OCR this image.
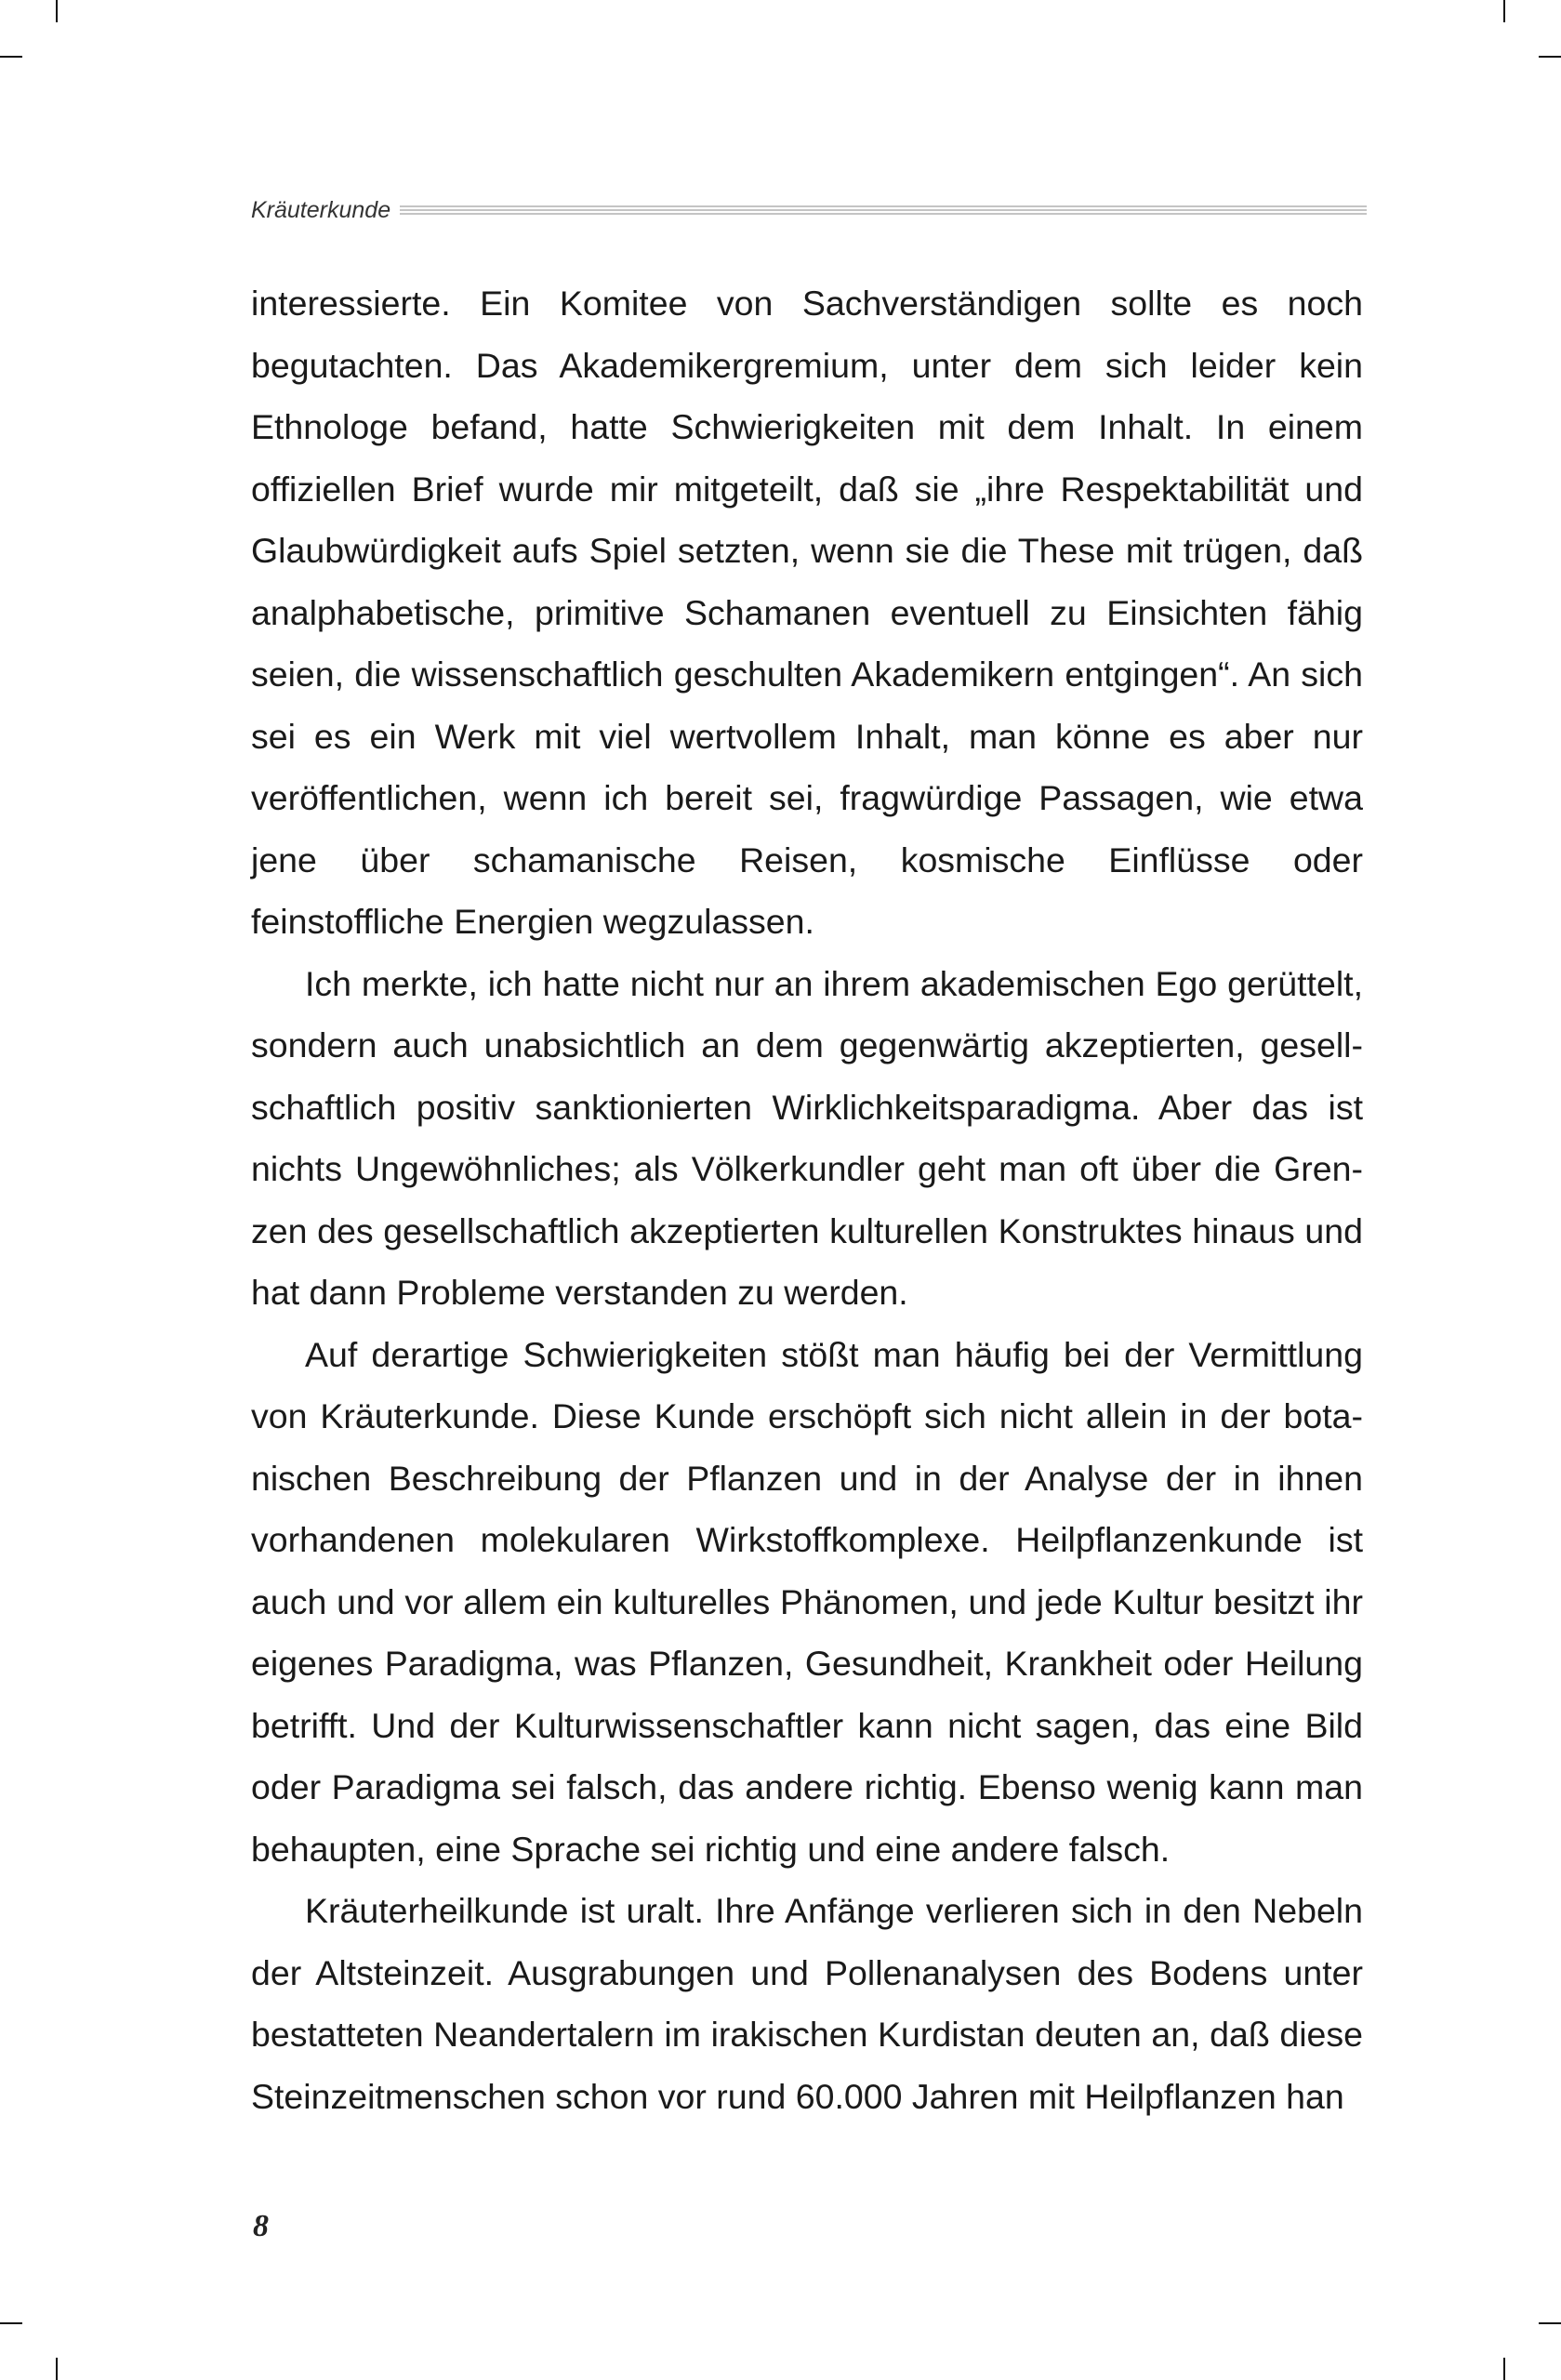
Kräuterkunde

interessierte. Ein Komitee von Sachverständigen sollte es noch begutachten. Das Akademikergremium, unter dem sich leider kein Ethnologe befand, hatte Schwierigkeiten mit dem Inhalt. In einem offiziellen Brief wurde mir mitgeteilt, daß sie „ihre Respektabilität und Glaubwürdigkeit aufs Spiel setzten, wenn sie die These mit trügen, daß analphabetische, primitive Schamanen eventuell zu Einsichten fähig seien, die wissenschaftlich geschulten Akademikern entgingen“. An sich sei es ein Werk mit viel wertvollem Inhalt, man könne es aber nur veröffentlichen, wenn ich bereit sei, fragwürdige Passagen, wie etwa jene über schamanische Reisen, kosmische Einflüsse oder feinstoffliche Energien wegzulassen.

Ich merkte, ich hatte nicht nur an ihrem akademischen Ego gerüttelt, sondern auch unabsichtlich an dem gegenwärtig akzeptierten, gesellschaftlich positiv sanktionierten Wirklichkeitsparadigma. Aber das ist nichts Ungewöhnliches; als Völkerkundler geht man oft über die Grenzen des gesellschaftlich akzeptierten kulturellen Konstruktes hinaus und hat dann Probleme verstanden zu werden.

Auf derartige Schwierigkeiten stößt man häufig bei der Vermittlung von Kräuterkunde. Diese Kunde erschöpft sich nicht allein in der botanischen Beschreibung der Pflanzen und in der Analyse der in ihnen vorhandenen molekularen Wirkstoffkomplexe. Heilpflanzenkunde ist auch und vor allem ein kulturelles Phänomen, und jede Kultur besitzt ihr eigenes Paradigma, was Pflanzen, Gesundheit, Krankheit oder Heilung betrifft. Und der Kulturwissenschaftler kann nicht sagen, das eine Bild oder Paradigma sei falsch, das andere richtig. Ebenso wenig kann man behaupten, eine Sprache sei richtig und eine andere falsch.

Kräuterheilkunde ist uralt. Ihre Anfänge verlieren sich in den Nebeln der Altsteinzeit. Ausgrabungen und Pollenanalysen des Bodens unter bestatteten Neandertalern im irakischen Kurdistan deuten an, daß diese Steinzeitmenschen schon vor rund 60.000 Jahren mit Heilpflanzen han

8
